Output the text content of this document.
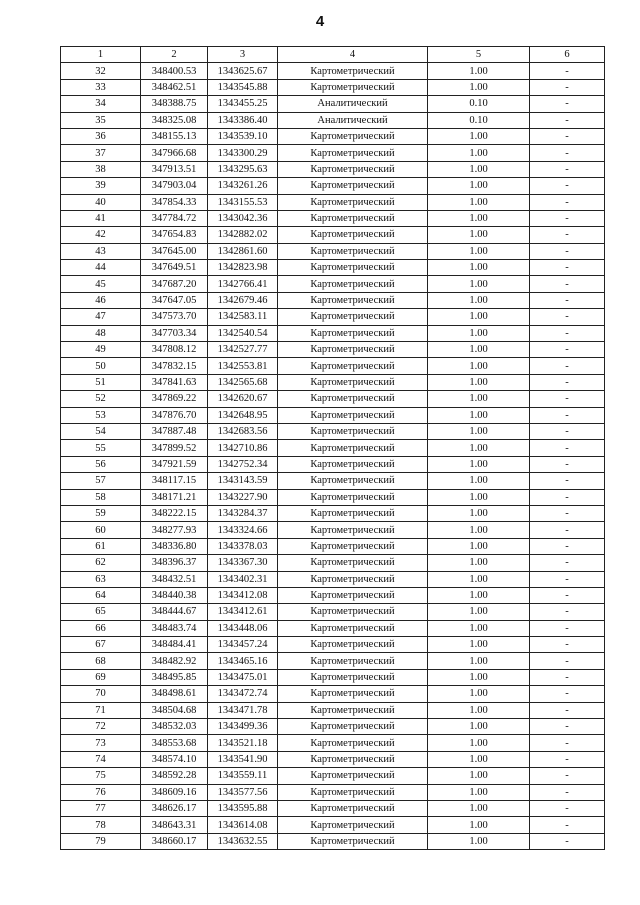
4
1	2	3	4	5	6
32	348400.53	1343625.67	Картометрический	1.00	-
33	348462.51	1343545.88	Картометрический	1.00	-
34	348388.75	1343455.25	Аналитический	0.10	-
35	348325.08	1343386.40	Аналитический	0.10	-
36	348155.13	1343539.10	Картометрический	1.00	-
37	347966.68	1343300.29	Картометрический	1.00	-
38	347913.51	1343295.63	Картометрический	1.00	-
39	347903.04	1343261.26	Картометрический	1.00	-
40	347854.33	1343155.53	Картометрический	1.00	-
41	347784.72	1343042.36	Картометрический	1.00	-
42	347654.83	1342882.02	Картометрический	1.00	-
43	347645.00	1342861.60	Картометрический	1.00	-
44	347649.51	1342823.98	Картометрический	1.00	-
45	347687.20	1342766.41	Картометрический	1.00	-
46	347647.05	1342679.46	Картометрический	1.00	-
47	347573.70	1342583.11	Картометрический	1.00	-
48	347703.34	1342540.54	Картометрический	1.00	-
49	347808.12	1342527.77	Картометрический	1.00	-
50	347832.15	1342553.81	Картометрический	1.00	-
51	347841.63	1342565.68	Картометрический	1.00	-
52	347869.22	1342620.67	Картометрический	1.00	-
53	347876.70	1342648.95	Картометрический	1.00	-
54	347887.48	1342683.56	Картометрический	1.00	-
55	347899.52	1342710.86	Картометрический	1.00	-
56	347921.59	1342752.34	Картометрический	1.00	-
57	348117.15	1343143.59	Картометрический	1.00	-
58	348171.21	1343227.90	Картометрический	1.00	-
59	348222.15	1343284.37	Картометрический	1.00	-
60	348277.93	1343324.66	Картометрический	1.00	-
61	348336.80	1343378.03	Картометрический	1.00	-
62	348396.37	1343367.30	Картометрический	1.00	-
63	348432.51	1343402.31	Картометрический	1.00	-
64	348440.38	1343412.08	Картометрический	1.00	-
65	348444.67	1343412.61	Картометрический	1.00	-
66	348483.74	1343448.06	Картометрический	1.00	-
67	348484.41	1343457.24	Картометрический	1.00	-
68	348482.92	1343465.16	Картометрический	1.00	-
69	348495.85	1343475.01	Картометрический	1.00	-
70	348498.61	1343472.74	Картометрический	1.00	-
71	348504.68	1343471.78	Картометрический	1.00	-
72	348532.03	1343499.36	Картометрический	1.00	-
73	348553.68	1343521.18	Картометрический	1.00	-
74	348574.10	1343541.90	Картометрический	1.00	-
75	348592.28	1343559.11	Картометрический	1.00	-
76	348609.16	1343577.56	Картометрический	1.00	-
77	348626.17	1343595.88	Картометрический	1.00	-
78	348643.31	1343614.08	Картометрический	1.00	-
79	348660.17	1343632.55	Картометрический	1.00	-
